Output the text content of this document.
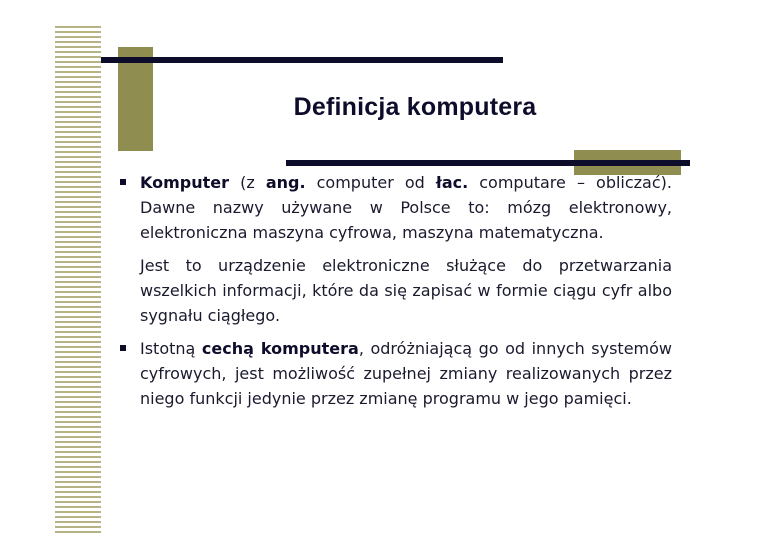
Definicja komputera

Komputer (z ang. computer od łac. computare – obliczać). Dawne nazwy używane w Polsce to: mózg elektronowy, elektroniczna maszyna cyfrowa, maszyna matematyczna.

Jest to urządzenie elektroniczne służące do przetwarzania wszelkich informacji, które da się zapisać w formie ciągu cyfr albo sygnału ciągłego.

Istotną cechą komputera, odróżniającą go od innych systemów cyfrowych, jest możliwość zupełnej zmiany realizowanych przez niego funkcji jedynie przez zmianę programu w jego pamięci.
